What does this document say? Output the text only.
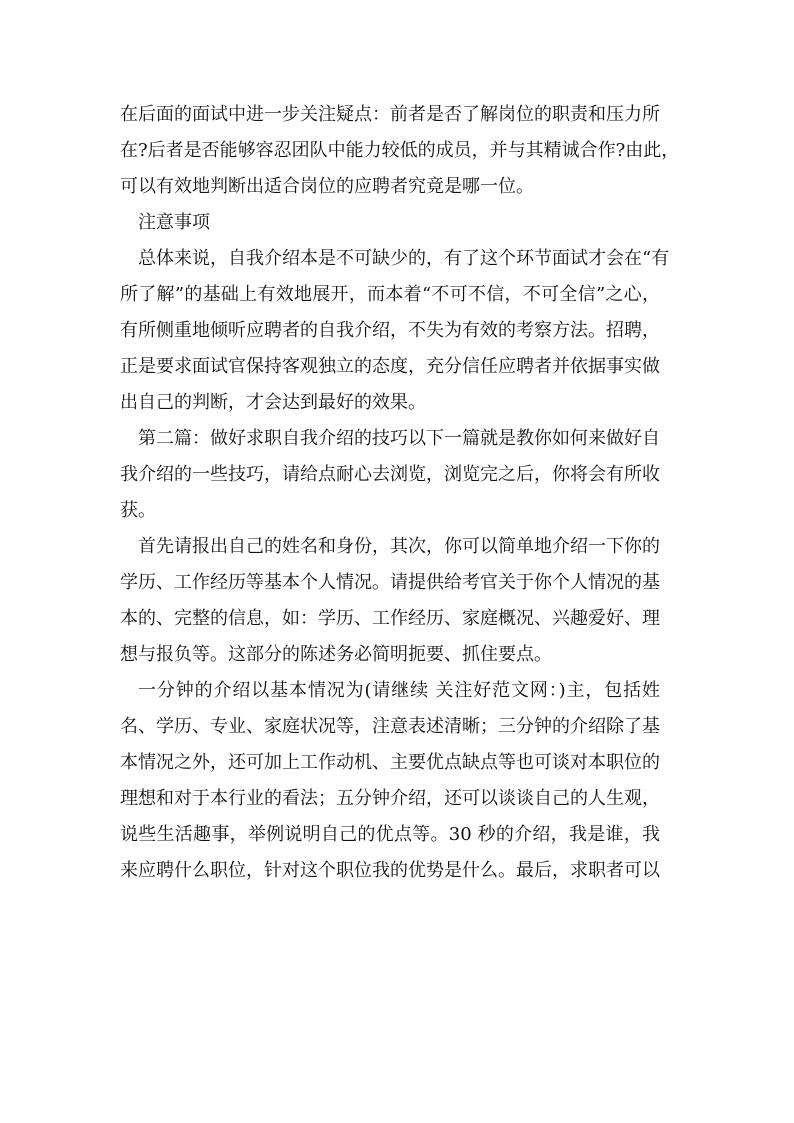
在后面的面试中进一步关注疑点：前者是否了解岗位的职责和压力所
在?后者是否能够容忍团队中能力较低的成员，并与其精诚合作?由此，
可以有效地判断出适合岗位的应聘者究竟是哪一位。
注意事项
总体来说，自我介绍本是不可缺少的，有了这个环节面试才会在“有
所了解”的基础上有效地展开，而本着“不可不信，不可全信”之心，
有所侧重地倾听应聘者的自我介绍，不失为有效的考察方法。招聘，
正是要求面试官保持客观独立的态度，充分信任应聘者并依据事实做
出自己的判断，才会达到最好的效果。
第二篇：做好求职自我介绍的技巧以下一篇就是教你如何来做好自
我介绍的一些技巧，请给点耐心去浏览，浏览完之后，你将会有所收
获。
首先请报出自己的姓名和身份，其次，你可以简单地介绍一下你的
学历、工作经历等基本个人情况。请提供给考官关于你个人情况的基
本的、完整的信息，如：学历、工作经历、家庭概况、兴趣爱好、理
想与报负等。这部分的陈述务必简明扼要、抓住要点。
一分钟的介绍以基本情况为(请继续 关注好范文网：)主，包括姓
名、学历、专业、家庭状况等，注意表述清晰；三分钟的介绍除了基
本情况之外，还可加上工作动机、主要优点缺点等也可谈对本职位的
理想和对于本行业的看法；五分钟介绍，还可以谈谈自己的人生观，
说些生活趣事，举例说明自己的优点等。30 秒的介绍，我是谁，我
来应聘什么职位，针对这个职位我的优势是什么。最后，求职者可以
